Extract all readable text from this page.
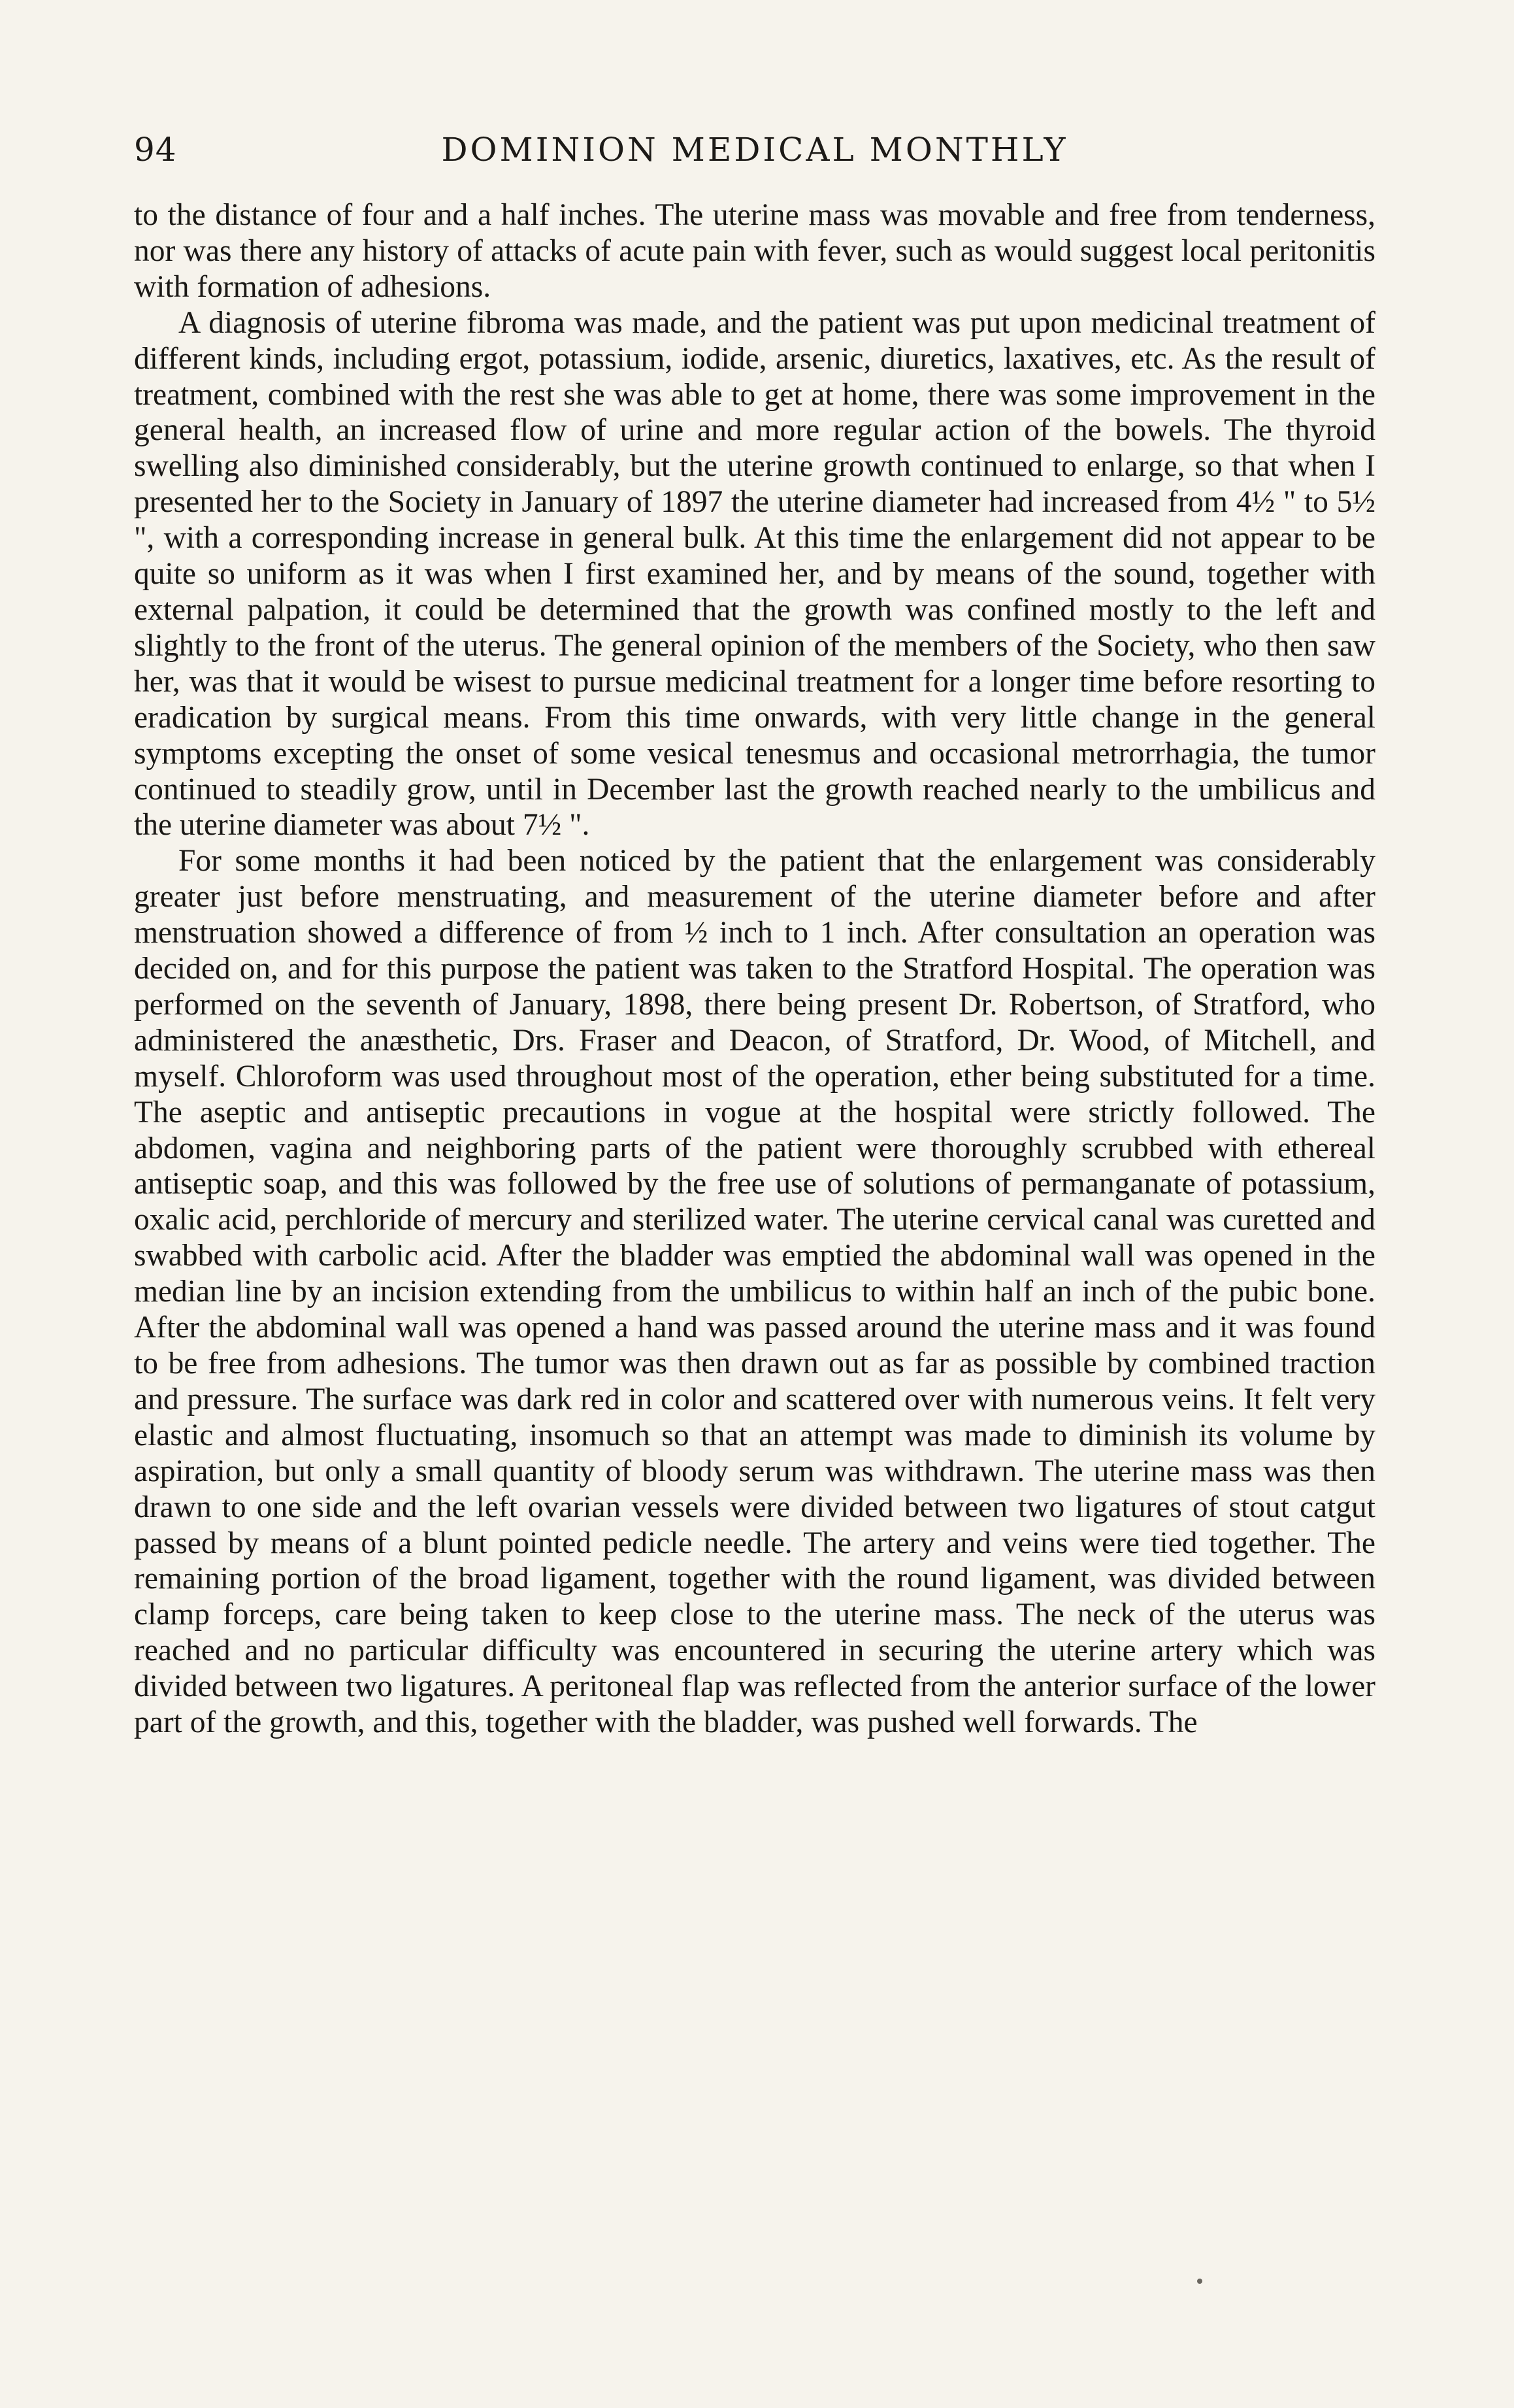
94	DOMINION MEDICAL MONTHLY

to the distance of four and a half inches. The uterine mass was movable and free from tenderness, nor was there any history of attacks of acute pain with fever, such as would suggest local peritonitis with formation of adhesions.

A diagnosis of uterine fibroma was made, and the patient was put upon medicinal treatment of different kinds, including ergot, potassium, iodide, arsenic, diuretics, laxatives, etc. As the result of treatment, combined with the rest she was able to get at home, there was some improvement in the general health, an increased flow of urine and more regular action of the bowels. The thyroid swelling also diminished considerably, but the uterine growth continued to enlarge, so that when I presented her to the Society in January of 1897 the uterine diameter had increased from 4½ " to 5½ ", with a corresponding increase in general bulk. At this time the enlargement did not appear to be quite so uniform as it was when I first examined her, and by means of the sound, together with external palpation, it could be determined that the growth was confined mostly to the left and slightly to the front of the uterus. The general opinion of the members of the Society, who then saw her, was that it would be wisest to pursue medicinal treatment for a longer time before resorting to eradication by surgical means. From this time onwards, with very little change in the general symptoms excepting the onset of some vesical tenesmus and occasional metrorrhagia, the tumor continued to steadily grow, until in December last the growth reached nearly to the umbilicus and the uterine diameter was about 7½ ".

For some months it had been noticed by the patient that the enlargement was considerably greater just before menstruating, and measurement of the uterine diameter before and after menstruation showed a difference of from ½ inch to 1 inch. After consultation an operation was decided on, and for this purpose the patient was taken to the Stratford Hospital. The operation was performed on the seventh of January, 1898, there being present Dr. Robertson, of Stratford, who administered the anæsthetic, Drs. Fraser and Deacon, of Stratford, Dr. Wood, of Mitchell, and myself. Chloroform was used throughout most of the operation, ether being substituted for a time. The aseptic and antiseptic precautions in vogue at the hospital were strictly followed. The abdomen, vagina and neighboring parts of the patient were thoroughly scrubbed with ethereal antiseptic soap, and this was followed by the free use of solutions of permanganate of potassium, oxalic acid, perchloride of mercury and sterilized water. The uterine cervical canal was curetted and swabbed with carbolic acid. After the bladder was emptied the abdominal wall was opened in the median line by an incision extending from the umbilicus to within half an inch of the pubic bone. After the abdominal wall was opened a hand was passed around the uterine mass and it was found to be free from adhesions. The tumor was then drawn out as far as possible by combined traction and pressure. The surface was dark red in color and scattered over with numerous veins. It felt very elastic and almost fluctuating, insomuch so that an attempt was made to diminish its volume by aspiration, but only a small quantity of bloody serum was withdrawn. The uterine mass was then drawn to one side and the left ovarian vessels were divided between two ligatures of stout catgut passed by means of a blunt pointed pedicle needle. The artery and veins were tied together. The remaining portion of the broad ligament, together with the round ligament, was divided between clamp forceps, care being taken to keep close to the uterine mass. The neck of the uterus was reached and no particular difficulty was encountered in securing the uterine artery which was divided between two ligatures. A peritoneal flap was reflected from the anterior surface of the lower part of the growth, and this, together with the bladder, was pushed well forwards. The
